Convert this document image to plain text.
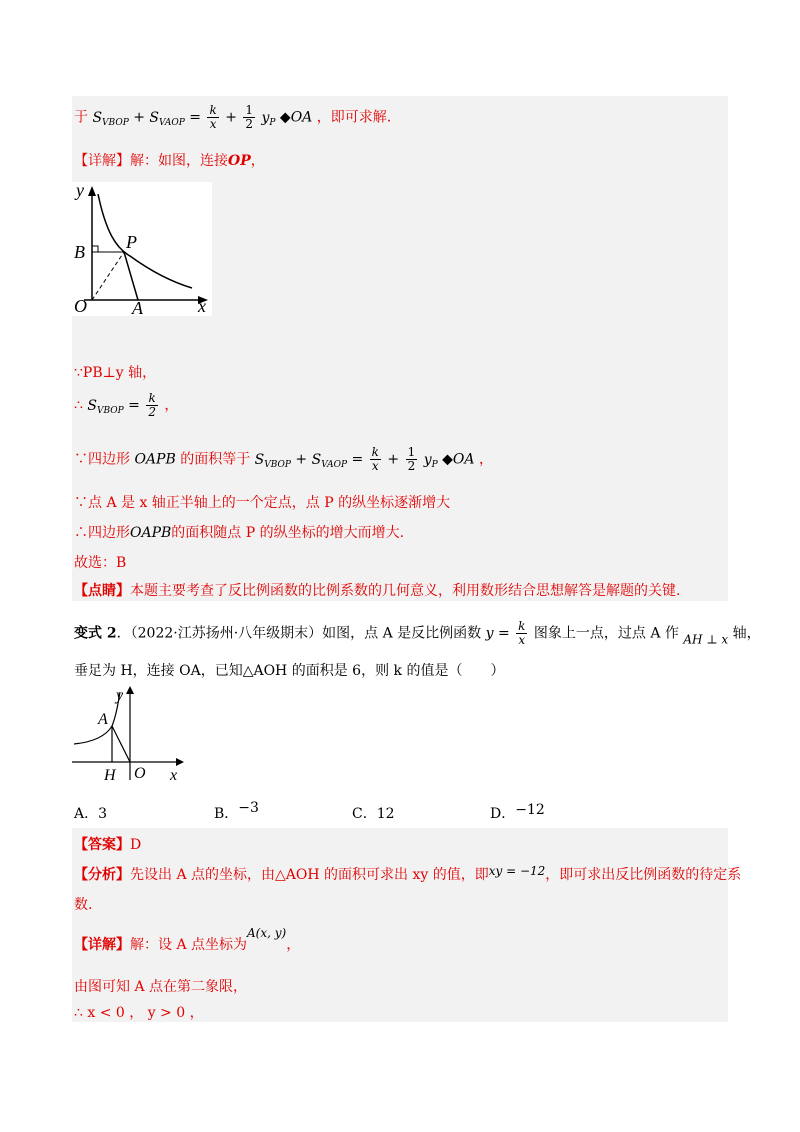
于 $S_{VBOP} + S_{VAOP} = \frac{k}{x} + \frac{1}{2} y_P$ ◆OA ，即可求解.
【详解】解：如图，连接OP，
y
B P
O	A	x
∵PB⊥y 轴，
∴ $S_{VBOP} = \frac{k}{2}$ ，
∵四边形 OAPB 的面积等于 $S_{VBOP} + S_{VAOP} = \frac{k}{x} + \frac{1}{2} y_P$ ◆OA ，
∵点 A 是 x 轴正半轴上的一个定点，点 P 的纵坐标逐渐增大
∴四边形OAPB的面积随点 P 的纵坐标的增大而增大.
故选：B
【点睛】本题主要考查了反比例函数的比例系数的几何意义，利用数形结合思想解答是解题的关键.
变式 2．（2022·江苏扬州·八年级期末）如图，点 A 是反比例函数 $y = \frac{k}{x}$ 图象上一点，过点 A 作 AH ⊥ x 轴，
垂足为 H，连接 OA，已知△AOH 的面积是 6，则 k 的值是（　　）
y
A
H O x
A．3	B．−3	C．12	D．−12
【答案】D
【分析】先设出 A 点的坐标，由△AOH 的面积可求出 xy 的值，即xy = −12，即可求出反比例函数的待定系
数.
【详解】解：设 A 点坐标为A(x, y)，
由图可知 A 点在第二象限，
∴ x < 0 ， y > 0 ，
